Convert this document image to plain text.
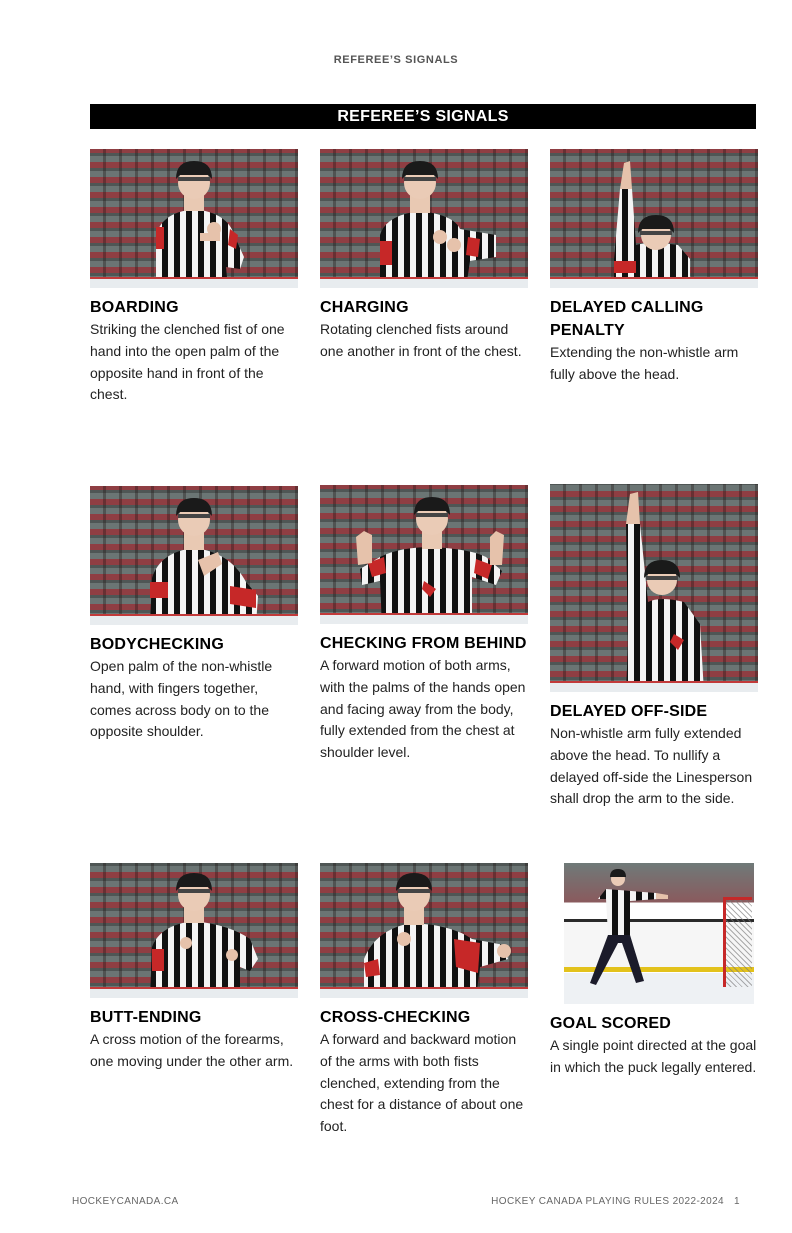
REFEREE’S SIGNALS
REFEREE’S SIGNALS
BOARDING
Striking the clenched fist of one hand into the open palm of the opposite hand in front of the chest.
CHARGING
Rotating clenched fists around one another in front of the chest.
DELAYED CALLING PENALTY
Extending the non-whistle arm fully above the head.
BODYCHECKING
Open palm of the non-whistle hand, with fingers together, comes across body on to the opposite shoulder.
CHECKING FROM BEHIND
A forward motion of both arms, with the palms of the hands open and facing away from the body, fully extended from the chest at shoulder level.
DELAYED OFF-SIDE
Non-whistle arm fully extended above the head. To nullify a delayed off-side the Linesperson shall drop the arm to the side.
BUTT-ENDING
A cross motion of the forearms, one moving under the other arm.
CROSS-CHECKING
A forward and backward motion of the arms with both fists clenched, extending from the chest for a distance of about one foot.
GOAL SCORED
A single point directed at the goal in which the puck legally entered.
HOCKEYCANADA.CA	HOCKEY CANADA PLAYING RULES 2022-2024 1
